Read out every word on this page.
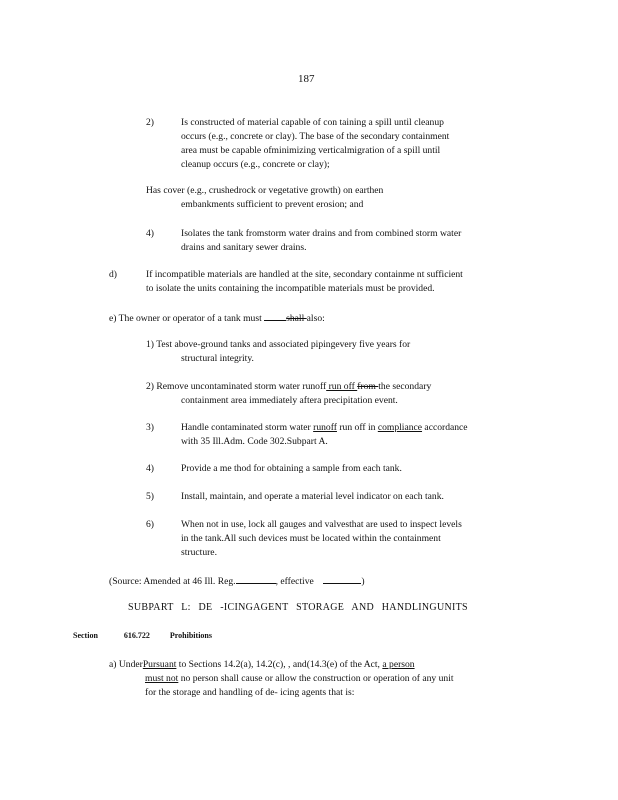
187
2)	Is constructed of material capable of con taining a spill until cleanup
occurs (e.g., concrete or clay). The base of the secondary containment
area must be capable ofminimizing verticalmigration of a spill until
cleanup occurs (e.g., concrete or clay);
Has cover (e.g., crushedrock or vegetative growth) on earthen
embankments sufficient to prevent erosion; and
4)	Isolates the tank fromstorm water drains and from combined storm water
drains and sanitary sewer drains.
d)	If incompatible materials are handled at the site, secondary containme nt sufficient
to isolate the units containing the incompatible materials must be provided.
e) The owner or operator of a tank must shall also:
1) Test above-ground tanks and associated pipingevery five years for
structural integrity.
2) Remove uncontaminated storm water runoff run off from the secondary
containment area immediately aftera precipitation event.
3)	Handle contaminated storm water runoff run off in compliance accordance
with 35 Ill.Adm. Code 302.Subpart A.
4)	Provide a me thod for obtaining a sample from each tank.
5)	Install, maintain, and operate a material level indicator on each tank.
6)	When not in use, lock all gauges and valvesthat are used to inspect levels
in the tank.All such devices must be located within the containment
structure.
(Source: Amended at 46 Ill. Reg.	, effective	)
SUBPART L: DE -ICINGAGENT STORAGE AND HANDLINGUNITS
Section	616.722	Prohibitions
a) UnderPursuant to Sections 14.2(a), 14.2(c), , and(14.3(e) of the Act, a person
must not no person shall cause or allow the construction or operation of any unit
for the storage and handling of de- icing agents that is:
